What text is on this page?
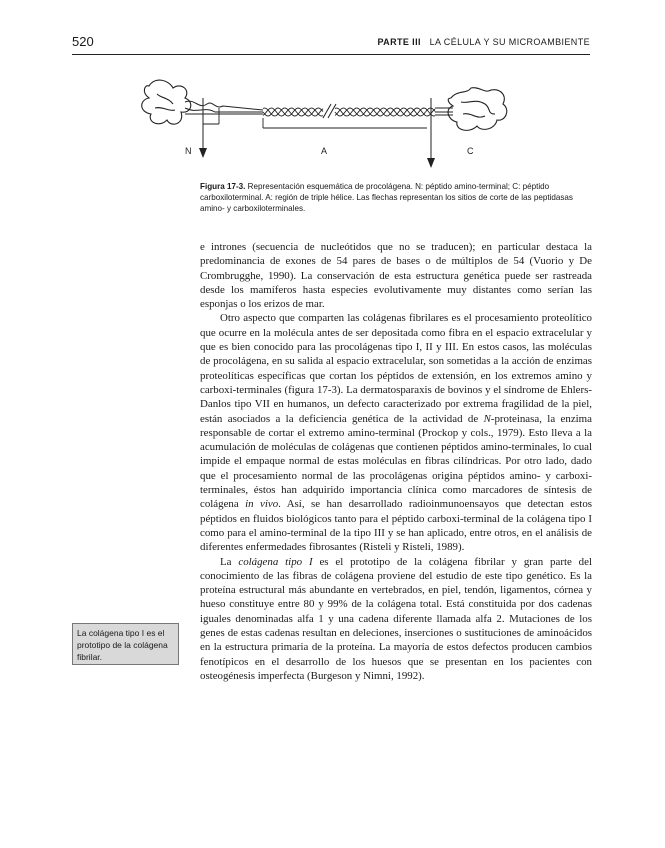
520	PARTE III LA CÉLULA Y SU MICROAMBIENTE
N	A	C
Figura 17-3. Representación esquemática de procolágena. N: péptido amino-terminal; C: péptido carboxiloterminal. A: región de triple hélice. Las flechas representan los sitios de corte de las peptidasas amino- y carboxiloterminales.

e intrones (secuencia de nucleótidos que no se traducen); en particular destaca la predominancia de exones de 54 pares de bases o de múltiplos de 54 (Vuorio y De Crombrugghe, 1990). La conservación de esta estructura genética puede ser rastreada desde los mamíferos hasta especies evolutivamente muy distantes como serían las esponjas o los erizos de mar.

Otro aspecto que comparten las colágenas fibrilares es el procesamiento proteolítico que ocurre en la molécula antes de ser depositada como fibra en el espacio extracelular y que es bien conocido para las procolágenas tipo I, II y III. En estos casos, las moléculas de procolágena, en su salida al espacio extracelular, son sometidas a la acción de enzimas proteolíticas específicas que cortan los péptidos de extensión, en los extremos amino y carboxi-terminales (figura 17-3). La dermatosparaxis de bovinos y el síndrome de Ehlers-Danlos tipo VII en humanos, un defecto caracterizado por extrema fragilidad de la piel, están asociados a la deficiencia genética de la actividad de N-proteinasa, la enzima responsable de cortar el extremo amino-terminal (Prockop y cols., 1979). Esto lleva a la acumulación de moléculas de colágenas que contienen péptidos amino-terminales, lo cual impide el empaque normal de estas moléculas en fibras cilíndricas. Por otro lado, dado que el procesamiento normal de las procolágenas origina péptidos amino- y carboxi-terminales, éstos han adquirido importancia clínica como marcadores de síntesis de colágena in vivo. Así, se han desarrollado radioinmunoensayos que detectan estos péptidos en fluidos biológicos tanto para el péptido carboxi-terminal de la colágena tipo I como para el amino-terminal de la tipo III y se han aplicado, entre otros, en el análisis de diferentes enfermedades fibrosantes (Risteli y Risteli, 1989).

La colágena tipo I es el prototipo de la colágena fibrilar y gran parte del conocimiento de las fibras de colágena proviene del estudio de este tipo genético. Es la proteína estructural más abundante en vertebrados, en piel, tendón, ligamentos, córnea y hueso constituye entre 80 y 99% de la colágena total. Está constituida por dos cadenas iguales denominadas alfa 1 y una cadena diferente llamada alfa 2. Mutaciones de los genes de estas cadenas resultan en deleciones, inserciones o sustituciones de aminoácidos en la estructura primaria de la proteína. La mayoría de estos defectos producen cambios fenotípicos en el desarrollo de los huesos que se presentan en los pacientes con osteogénesis imperfecta (Burgeson y Nimni, 1992).

La colágena tipo I es el prototipo de la colágena fibrilar.
